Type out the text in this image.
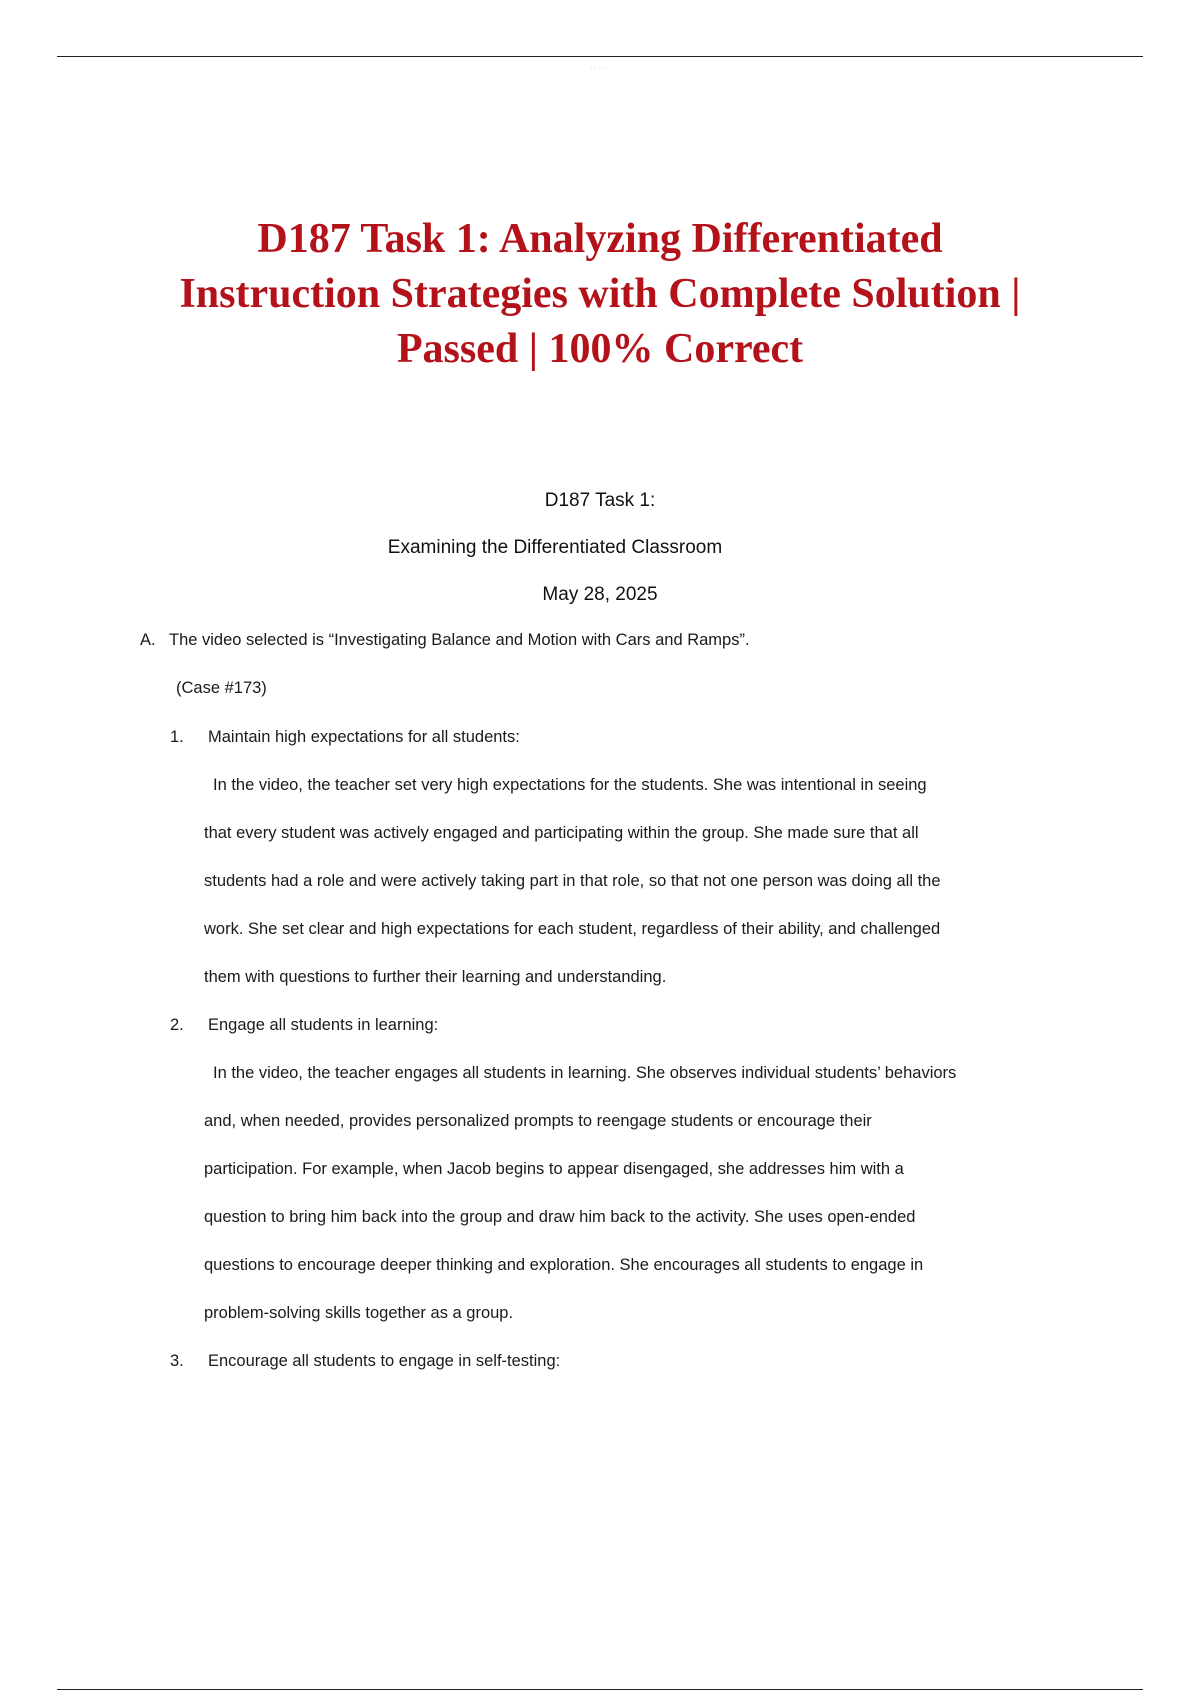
· · · · ·
D187 Task 1: Analyzing Differentiated
Instruction Strategies with Complete Solution |
Passed | 100% Correct
D187 Task 1:
Examining the Differentiated Classroom
May 28, 2025
A. The video selected is “Investigating Balance and Motion with Cars and Ramps”.
(Case #173)
1. Maintain high expectations for all students:
In the video, the teacher set very high expectations for the students. She was intentional in seeing
that every student was actively engaged and participating within the group. She made sure that all
students had a role and were actively taking part in that role, so that not one person was doing all the
work. She set clear and high expectations for each student, regardless of their ability, and challenged
them with questions to further their learning and understanding.
2. Engage all students in learning:
In the video, the teacher engages all students in learning. She observes individual students’ behaviors
and, when needed, provides personalized prompts to reengage students or encourage their
participation. For example, when Jacob begins to appear disengaged, she addresses him with a
question to bring him back into the group and draw him back to the activity. She uses open-ended
questions to encourage deeper thinking and exploration. She encourages all students to engage in
problem-solving skills together as a group.
3. Encourage all students to engage in self-testing:
